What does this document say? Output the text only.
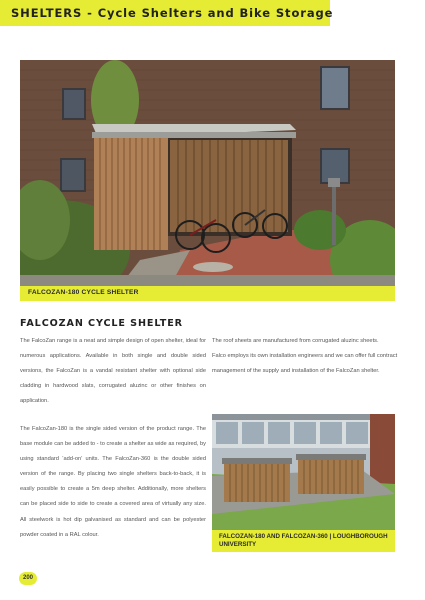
SHELTERS - Cycle Shelters and Bike Storage
FALCOZAN-180 CYCLE SHELTER
FALCOZAN CYCLE SHELTER

The FalcoZan range is a neat and simple design of open shelter, ideal for numerous applications. Available in both single and double sided versions, the FalcoZan is a vandal resistant shelter with optional side cladding in hardwood slats, corrugated aluzinc or other finishes on application.

The roof sheets are manufactured from corrugated aluzinc sheets.

Falco employs its own installation engineers and we can offer full contract management of the supply and installation of the FalcoZan shelter.

The FalcoZan-180 is the single sided version of the product range. The base module can be added to - to create a shelter as wide as required, by using standard ‘add-on’ units. The FalcoZan-360 is the double sided version of the range. By placing two single shelters back-to-back, it is easily possible to create a 5m deep shelter. Additionally, more shelters can be placed side to side to create a covered area of virtually any size. All steelwork is hot dip galvanised as standard and can be polyester powder coated in a RAL colour.	FALCOZAN-180 AND FALCOZAN-360 | LOUGHBOROUGH UNIVERSITY
200
